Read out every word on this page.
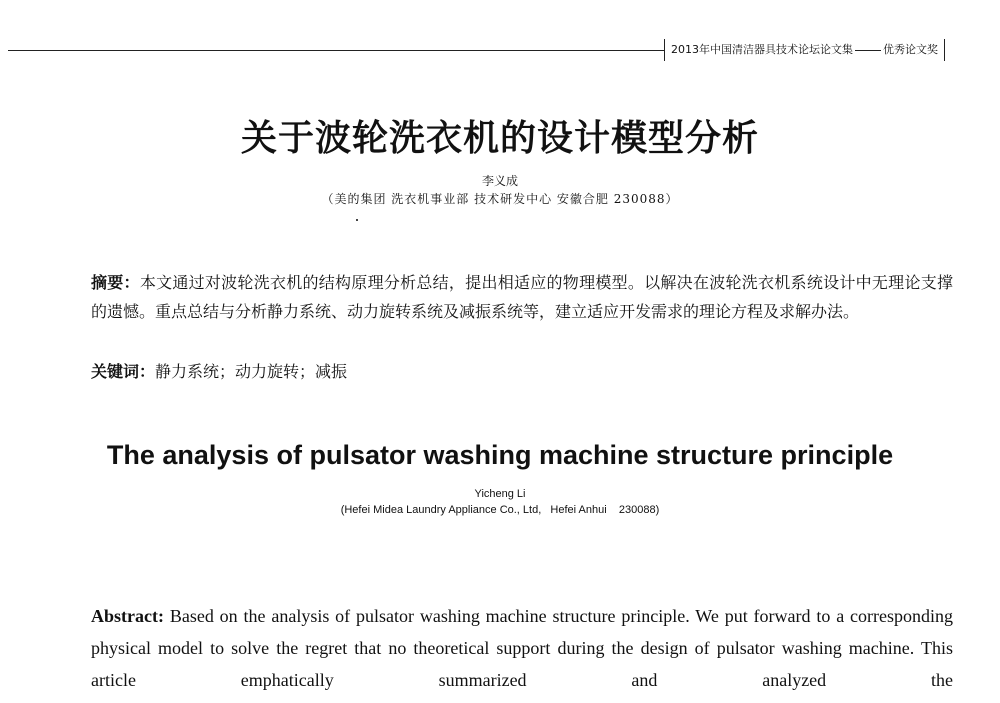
2013年中国清洁器具技术论坛论文集	优秀论文奖
关于波轮洗衣机的设计模型分析
李义成
（美的集团 洗衣机事业部 技术研发中心 安徽合肥 230088）
摘要：本文通过对波轮洗衣机的结构原理分析总结，提出相适应的物理模型。以解决在波轮洗衣机系统设计中无理论支撑的遗憾。重点总结与分析静力系统、动力旋转系统及减振系统等，建立适应开发需求的理论方程及求解办法。
关键词：静力系统；动力旋转；减振
The analysis of pulsator washing machine structure principle
Yicheng Li
(Hefei Midea Laundry Appliance Co., Ltd,   Hefei Anhui    230088)
Abstract: Based on the analysis of pulsator washing machine structure principle. We put forward to a corresponding physical model to solve the regret that no theoretical support during the design of pulsator washing machine. This article emphatically summarized and analyzed the
